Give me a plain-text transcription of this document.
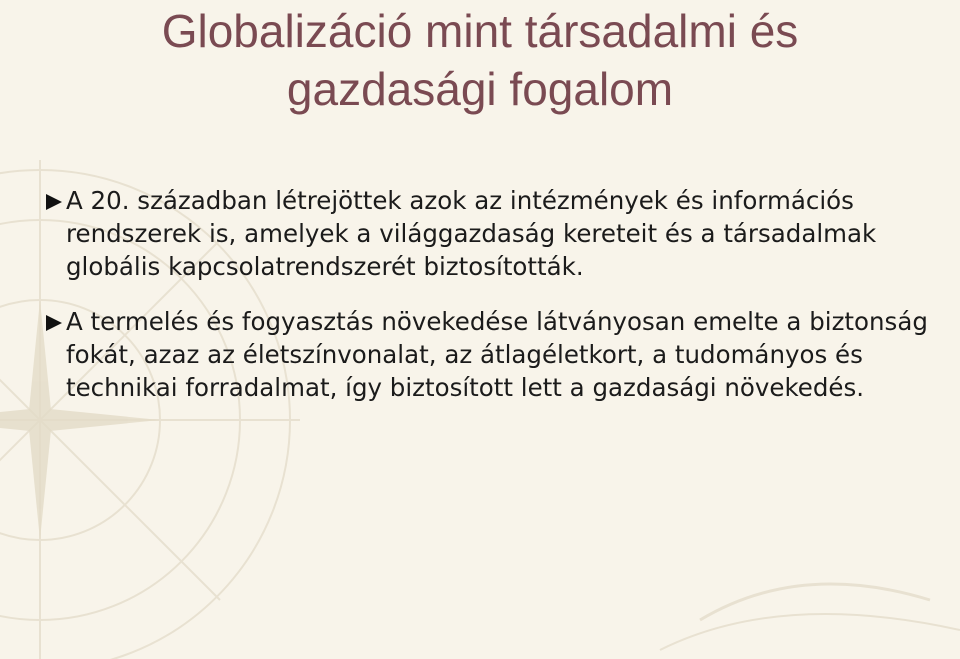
Globalizáció mint társadalmi és
gazdasági fogalom
A 20. században létrejöttek azok az intézmények és információs rendszerek is, amelyek a világgazdaság kereteit és a társadalmak globális kapcsolatrendszerét biztosították.
A termelés és fogyasztás növekedése látványosan emelte a biztonság fokát, azaz az életszínvonalat, az átlagéletkort, a tudományos és technikai forradalmat, így biztosított lett a gazdasági növekedés.
